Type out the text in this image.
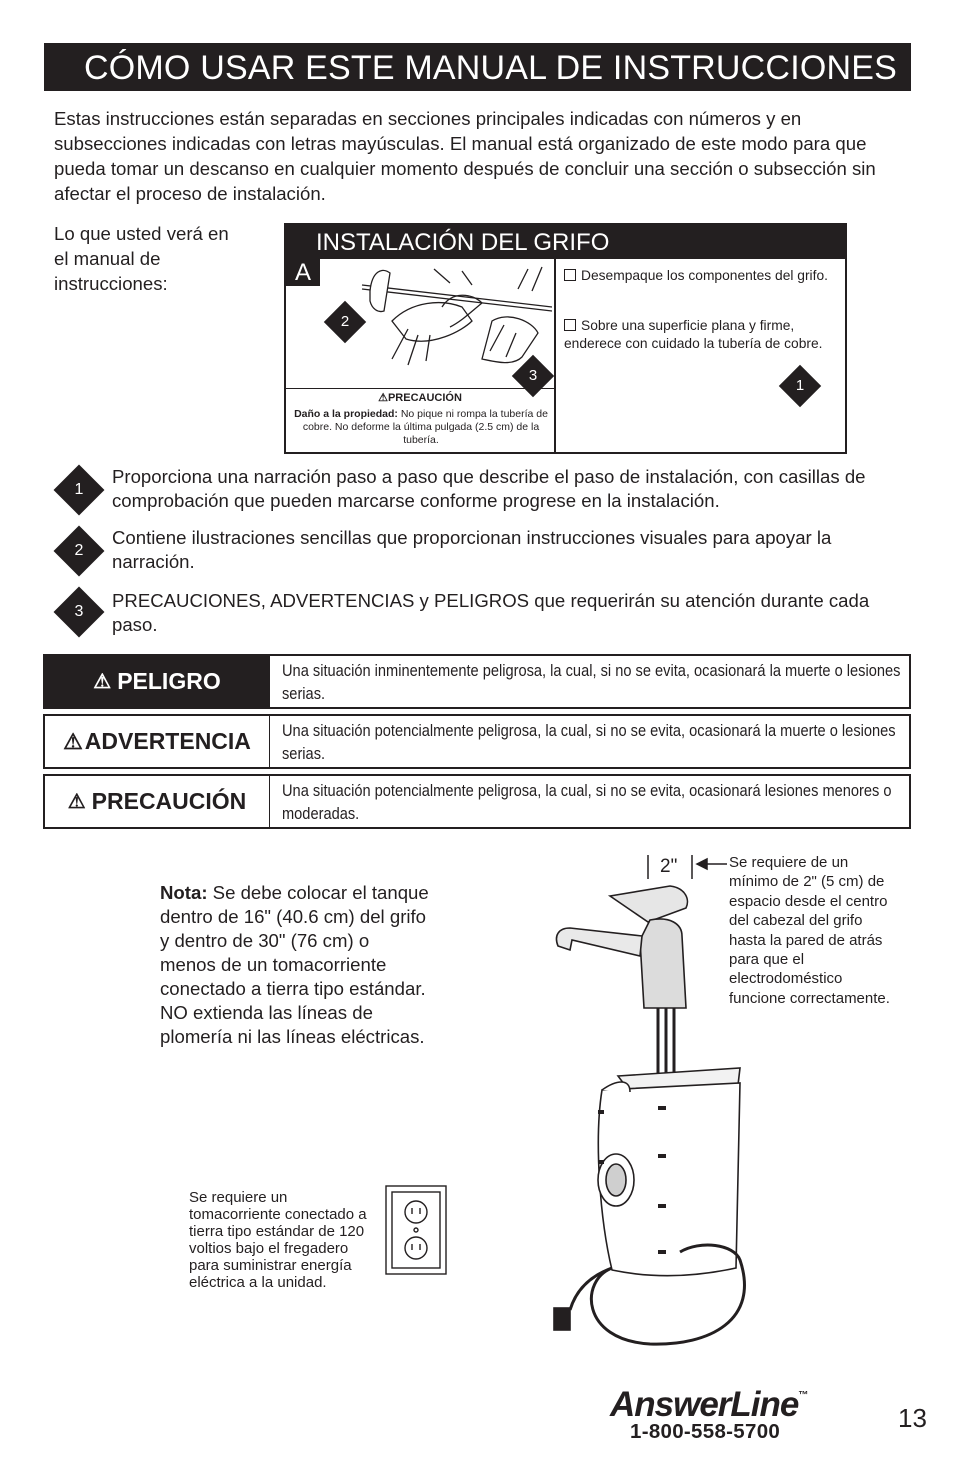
CÓMO USAR ESTE MANUAL DE INSTRUCCIONES
Estas instrucciones están separadas en secciones principales indicadas con números y en subsecciones indicadas con letras mayúsculas. El manual está organizado de este modo para que pueda tomar un descanso en cualquier momento después de concluir una sección o subsección sin afectar el proceso de instalación.
Lo que usted verá en el manual de instrucciones:
INSTALACIÓN DEL GRIFO
A
2
3
⚠PRECAUCIÓN
Daño a la propiedad: No pique ni rompa la tubería de cobre. No deforme la última pulgada (2.5 cm) de la tubería.
Desempaque los componentes del grifo.
Sobre una superficie plana y firme, enderece con cuidado la tubería de cobre.
1
1
Proporciona una narración paso a paso que describe el paso de instalación, con casillas de comprobación que pueden marcarse conforme progrese en la instalación.
2
Contiene ilustraciones sencillas que proporcionan instrucciones visuales para apoyar la narración.
3
PRECAUCIONES, ADVERTENCIAS y PELIGROS que requerirán su atención durante cada paso.
⚠ PELIGRO	Una situación inminentemente peligrosa, la cual, si no se evita, ocasionará la muerte o lesiones serias.
⚠ ADVERTENCIA Una situación potencialmente peligrosa, la cual, si no se evita, ocasionará la muerte o lesiones serias.
⚠ PRECAUCIÓN Una situación potencialmente peligrosa, la cual, si no se evita, ocasionará lesiones menores o moderadas.
Nota: Se debe colocar el tanque dentro de 16" (40.6 cm) del grifo y dentro de 30" (76 cm) o menos de un tomacorriente conectado a tierra tipo estándar. NO extienda las líneas de plomería ni las líneas eléctricas.
Se requiere un tomacorriente conectado a tierra tipo estándar de 120 voltios bajo el fregadero para suministrar energía eléctrica a la unidad.
2"	Se requiere de un mínimo de 2" (5 cm) de espacio desde el centro del cabezal del grifo hasta la pared de atrás para que el electrodoméstico funcione correctamente.
AnswerLine™
1-800-558-5700	13
